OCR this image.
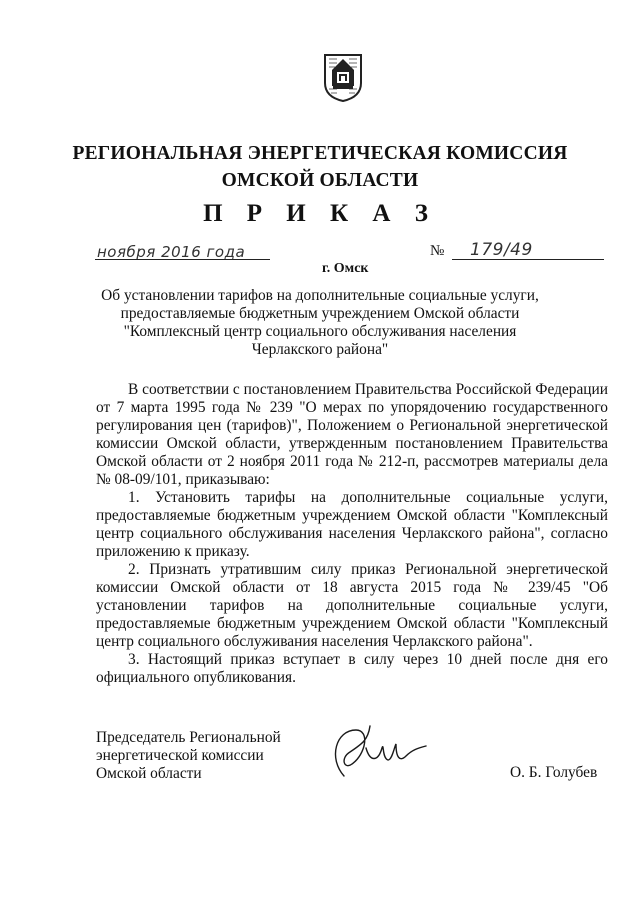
РЕГИОНАЛЬНАЯ ЭНЕРГЕТИЧЕСКАЯ КОМИССИЯ
ОМСКОЙ ОБЛАСТИ
П Р И К А З
ноября 2016 года	№ 179/49
г. Омск
Об установлении тарифов на дополнительные социальные услуги,
предоставляемые бюджетным учреждением Омской области
"Комплексный центр социального обслуживания населения
Черлакского района"

В соответствии с постановлением Правительства Российской Федерации от 7 марта 1995 года № 239 "О мерах по упорядочению государственного регулирования цен (тарифов)", Положением о Региональной энергетической комиссии Омской области, утвержденным постановлением Правительства Омской области от 2 ноября 2011 года № 212-п, рассмотрев материалы дела № 08-09/101, приказываю:

1. Установить тарифы на дополнительные социальные услуги, предоставляемые бюджетным учреждением Омской области "Комплексный центр социального обслуживания населения Черлакского района", согласно приложению к приказу.

2. Признать утратившим силу приказ Региональной энергетической комиссии Омской области от 18 августа 2015 года № 239/45 "Об установлении тарифов на дополнительные социальные услуги, предоставляемые бюджетным учреждением Омской области "Комплексный центр социального обслуживания населения Черлакского района".

3. Настоящий приказ вступает в силу через 10 дней после дня его официального опубликования.

Председатель Региональной
энергетической комиссии
Омской области	О. Б. Голубев
